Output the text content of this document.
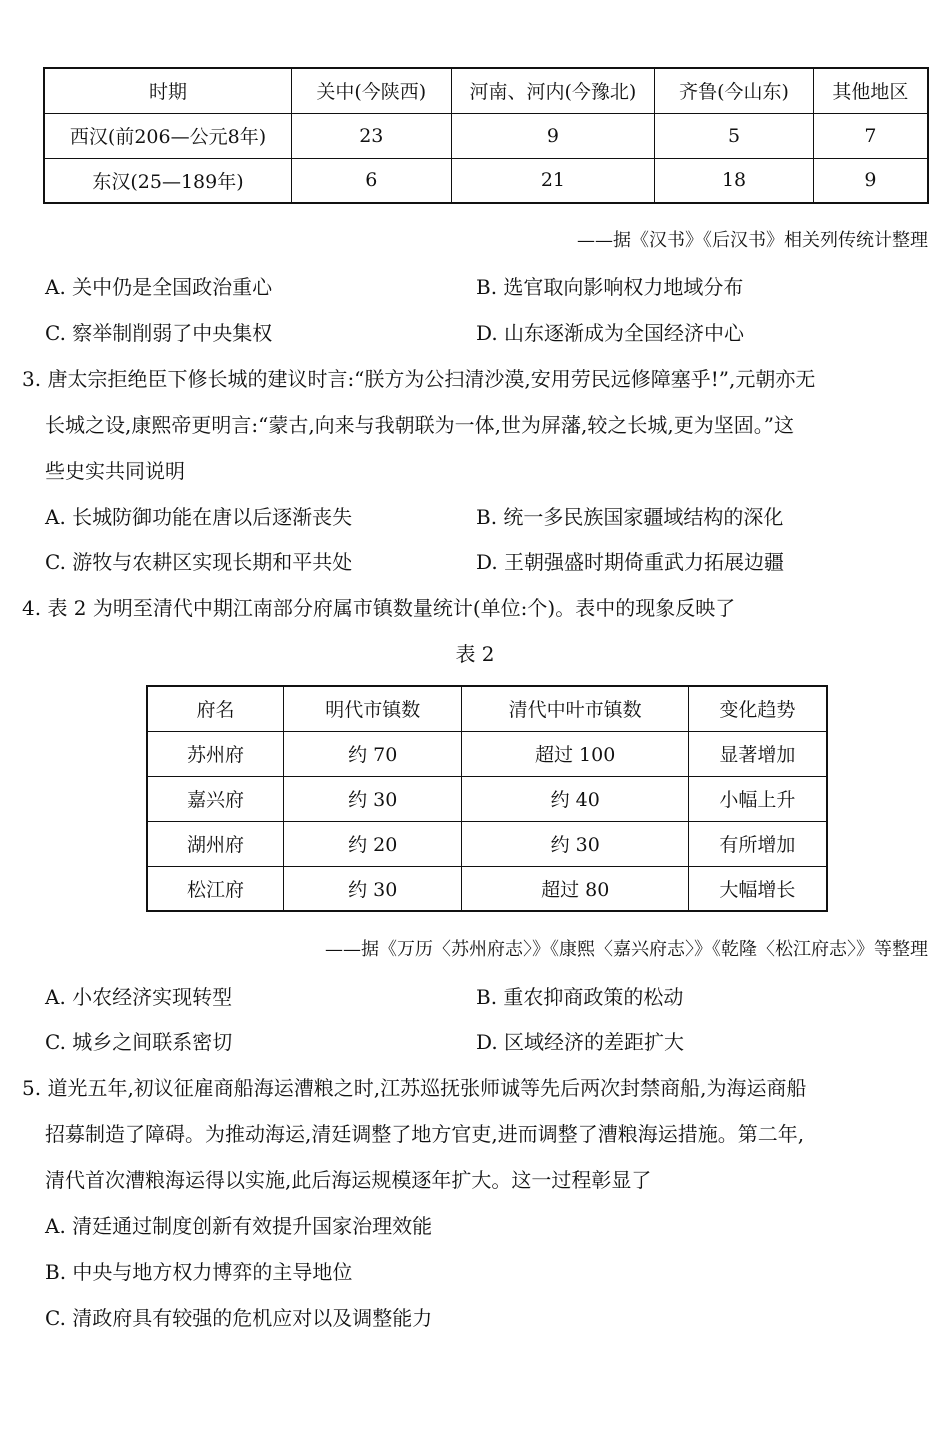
时期	关中(今陕西)	河南、河内(今豫北)	齐鲁(今山东)	其他地区
西汉(前206—公元8年)	23	9	5	7
东汉(25—189年)	6	21	18	9
——据《汉书》《后汉书》相关列传统计整理
A. 关中仍是全国政治重心	B. 选官取向影响权力地域分布
C. 察举制削弱了中央集权	D. 山东逐渐成为全国经济中心
3. 唐太宗拒绝臣下修长城的建议时言:“朕方为公扫清沙漠,安用劳民远修障塞乎!”,元朝亦无
长城之设,康熙帝更明言:“蒙古,向来与我朝联为一体,世为屏藩,较之长城,更为坚固。”这
些史实共同说明
A. 长城防御功能在唐以后逐渐丧失	B. 统一多民族国家疆域结构的深化
C. 游牧与农耕区实现长期和平共处	D. 王朝强盛时期倚重武力拓展边疆
4. 表 2 为明至清代中期江南部分府属市镇数量统计(单位:个)。表中的现象反映了
表 2
府名	明代市镇数	清代中叶市镇数	变化趋势
苏州府	约 70	超过 100	显著增加
嘉兴府	约 30	约 40	小幅上升
湖州府	约 20	约 30	有所增加
松江府	约 30	超过 80	大幅增长
——据《万历〈苏州府志〉》《康熙〈嘉兴府志〉》《乾隆〈松江府志〉》等整理
A. 小农经济实现转型	B. 重农抑商政策的松动
C. 城乡之间联系密切	D. 区域经济的差距扩大
5. 道光五年,初议征雇商船海运漕粮之时,江苏巡抚张师诚等先后两次封禁商船,为海运商船
招募制造了障碍。为推动海运,清廷调整了地方官吏,进而调整了漕粮海运措施。第二年,
清代首次漕粮海运得以实施,此后海运规模逐年扩大。这一过程彰显了
A. 清廷通过制度创新有效提升国家治理效能
B. 中央与地方权力博弈的主导地位
C. 清政府具有较强的危机应对以及调整能力
